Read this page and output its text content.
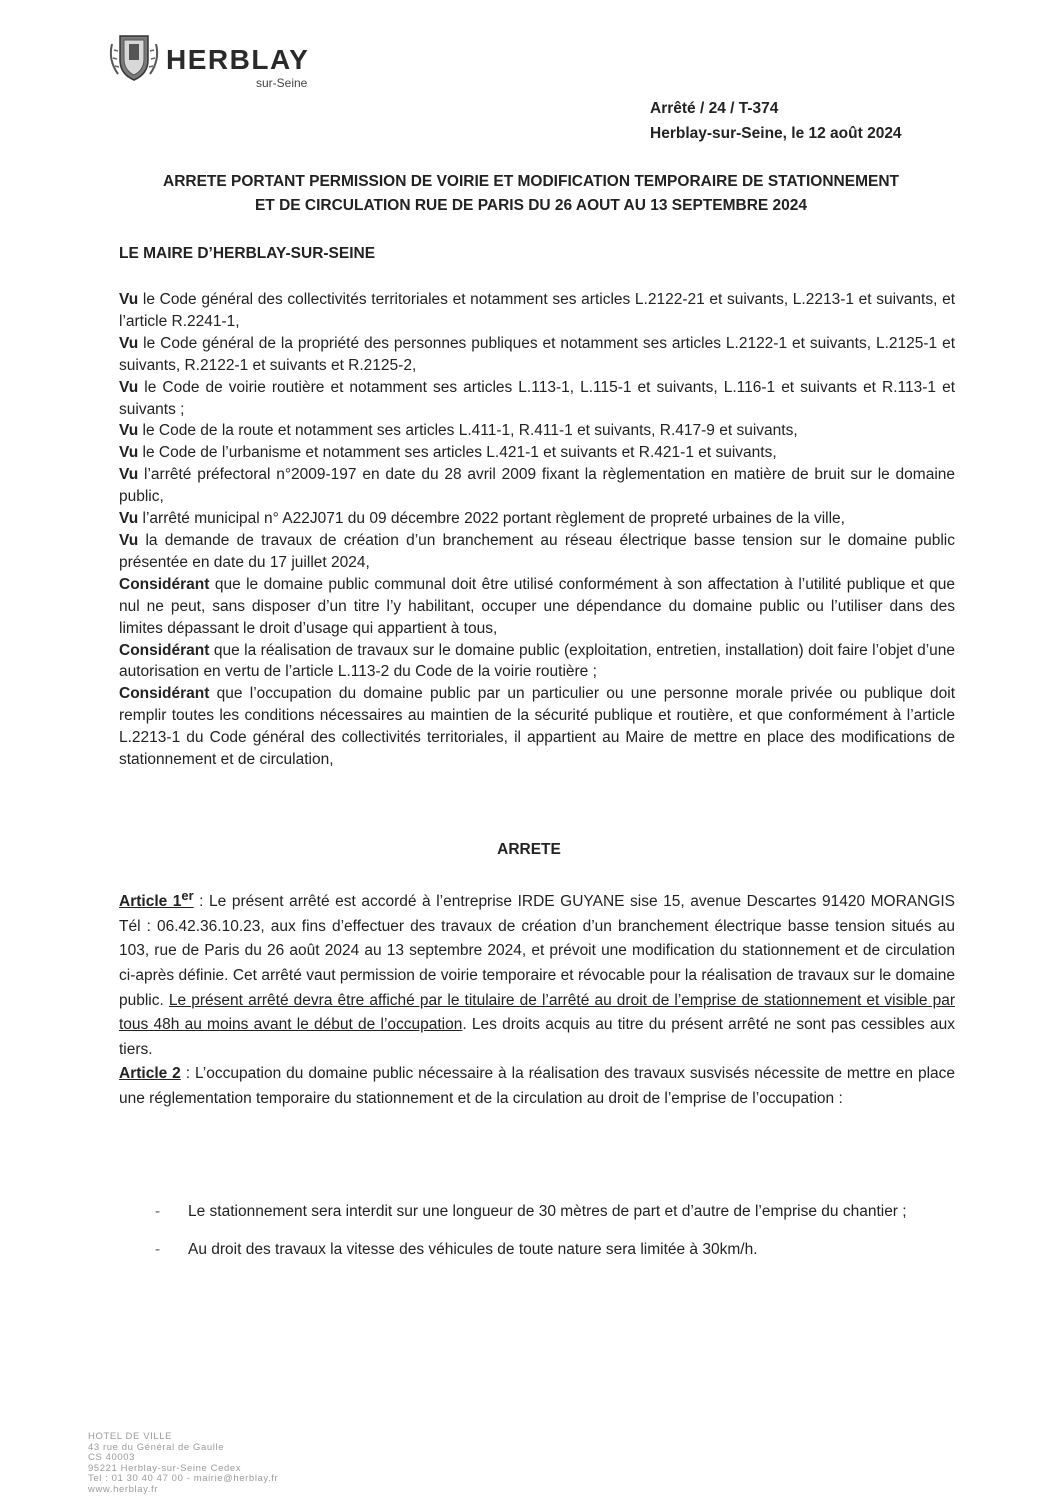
HERBLAY
sur-Seine
Arrêté / 24 / T-374
Herblay-sur-Seine, le 12 août 2024
ARRETE PORTANT PERMISSION DE VOIRIE ET MODIFICATION TEMPORAIRE DE STATIONNEMENT
ET DE CIRCULATION RUE DE PARIS DU 26 AOUT AU 13 SEPTEMBRE 2024
LE MAIRE D’HERBLAY-SUR-SEINE

Vu le Code général des collectivités territoriales et notamment ses articles L.2122-21 et suivants, L.2213-1 et suivants, et l’article R.2241-1,

Vu le Code général de la propriété des personnes publiques et notamment ses articles L.2122-1 et suivants, L.2125-1 et suivants, R.2122-1 et suivants et R.2125-2,

Vu le Code de voirie routière et notamment ses articles L.113-1, L.115-1 et suivants, L.116-1 et suivants et R.113-1 et suivants ;

Vu le Code de la route et notamment ses articles L.411-1, R.411-1 et suivants, R.417-9 et suivants,

Vu le Code de l’urbanisme et notamment ses articles L.421-1 et suivants et R.421-1 et suivants,

Vu l’arrêté préfectoral n°2009-197 en date du 28 avril 2009 fixant la règlementation en matière de bruit sur le domaine public,

Vu l’arrêté municipal n° A22J071 du 09 décembre 2022 portant règlement de propreté urbaines de la ville,

Vu la demande de travaux de création d’un branchement au réseau électrique basse tension sur le domaine public présentée en date du 17 juillet 2024,

Considérant que le domaine public communal doit être utilisé conformément à son affectation à l’utilité publique et que nul ne peut, sans disposer d’un titre l’y habilitant, occuper une dépendance du domaine public ou l’utiliser dans des limites dépassant le droit d’usage qui appartient à tous,

Considérant que la réalisation de travaux sur le domaine public (exploitation, entretien, installation) doit faire l’objet d’une autorisation en vertu de l’article L.113-2 du Code de la voirie routière ;

Considérant que l’occupation du domaine public par un particulier ou une personne morale privée ou publique doit remplir toutes les conditions nécessaires au maintien de la sécurité publique et routière, et que conformément à l’article L.2213-1 du Code général des collectivités territoriales, il appartient au Maire de mettre en place des modifications de stationnement et de circulation,

ARRETE

Article 1er : Le présent arrêté est accordé à l’entreprise IRDE GUYANE sise 15, avenue Descartes 91420 MORANGIS Tél : 06.42.36.10.23, aux fins d’effectuer des travaux de création d’un branchement électrique basse tension situés au 103, rue de Paris du 26 août 2024 au 13 septembre 2024, et prévoit une modification du stationnement et de circulation ci-après définie. Cet arrêté vaut permission de voirie temporaire et révocable pour la réalisation de travaux sur le domaine public. Le présent arrêté devra être affiché par le titulaire de l’arrêté au droit de l’emprise de stationnement et visible par tous 48h au moins avant le début de l’occupation. Les droits acquis au titre du présent arrêté ne sont pas cessibles aux tiers.

Article 2 : L’occupation du domaine public nécessaire à la réalisation des travaux susvisés nécessite de mettre en place une réglementation temporaire du stationnement et de la circulation au droit de l’emprise de l’occupation :

- Le stationnement sera interdit sur une longueur de 30 mètres de part et d’autre de l’emprise du chantier ;
- Au droit des travaux la vitesse des véhicules de toute nature sera limitée à 30km/h.
HOTEL DE VILLE
43 rue du Général de Gaulle
CS 40003
95221 Herblay-sur-Seine Cedex
Tel : 01 30 40 47 00 - mairie@herblay.fr
www.herblay.fr
